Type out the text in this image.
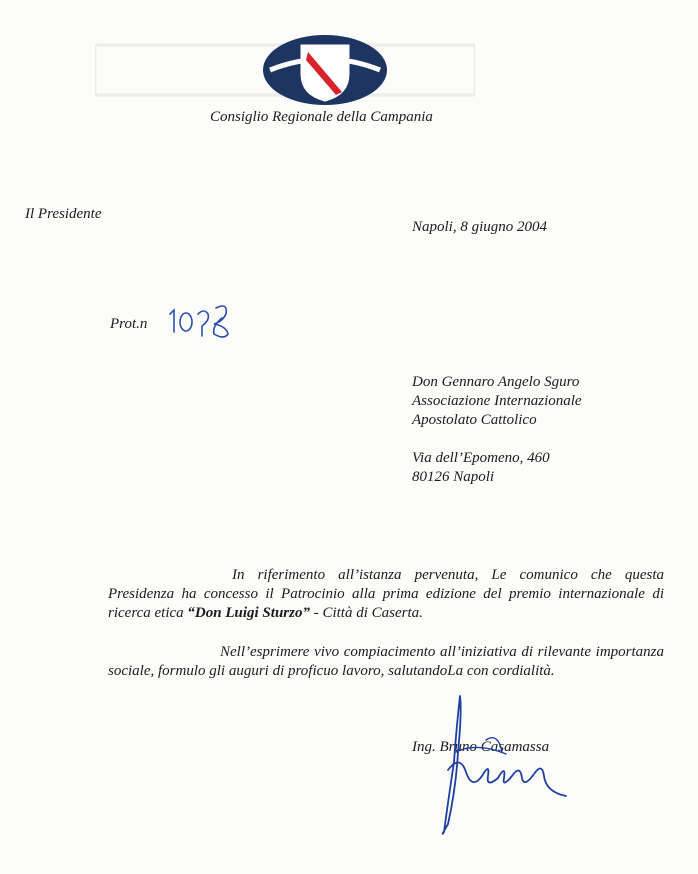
Consiglio Regionale della Campania
Il Presidente
Napoli, 8 giugno 2004
Prot.n
Don Gennaro Angelo Sguro
Associazione Internazionale
Apostolato Cattolico
Via dell’Epomeno, 460
80126 Napoli
In riferimento all’istanza pervenuta, Le comunico che questa Presidenza ha concesso il Patrocinio alla prima edizione del premio internazionale di ricerca etica “Don Luigi Sturzo” - Città di Caserta.
Nell’esprimere vivo compiacimento all’iniziativa di rilevante importanza sociale, formulo gli auguri di proficuo lavoro, salutandoLa con cordialità.
Ing. Bruno Casamassa
